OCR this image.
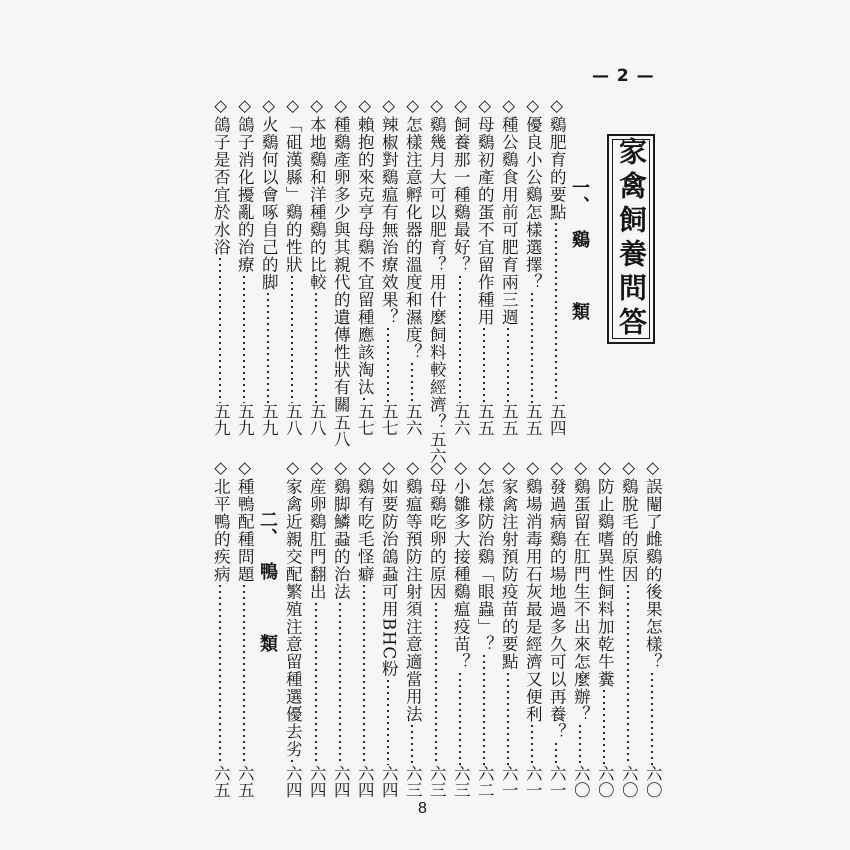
— 2 —
家禽飼養問答
一、
鷄　類
二、
鴨　類
◇鷄肥育的要點
五四
◇優良小公鷄怎樣選擇？
五五
◇種公鷄食用前可肥育兩三週
五五
◇母鷄初產的蛋不宜留作種用
五五
◇飼養那一種鷄最好？
五六
◇鷄幾月大可以肥育？用什麼飼料較經濟？
五六
◇怎樣注意孵化器的溫度和濕度？
五六
◇辣椒對鷄瘟有無治療效果？
五七
◇賴抱的來克亨母鷄不宜留種應該淘汰
五七
◇種鷄產卵多少與其親代的遺傳性狀有關
五八
◇本地鷄和洋種鷄的比較
五八
◇「砠漢縣」鷄的性狀
五八
◇火鷄何以會啄自己的脚
五九
◇鴿子消化擾亂的治療
五九
◇鴿子是否宜於水浴
五九
◇誤閹了雌鷄的後果怎樣？
六〇
◇鷄脫毛的原因
六〇
◇防止鷄嗜異性飼料加乾牛糞
六〇
◇鷄蛋留在肛門生不出來怎麼辦？
六〇
◇發過病鷄的場地過多久可以再養？
六一
◇鷄場消毒用石灰最是經濟又便利
六一
◇家禽注射預防疫苗的要點
六一
◇怎樣防治鷄「眼蟲」？
六二
◇小雛多大接種鷄瘟疫苗？
六三
◇母鷄吃卵的原因
六三
◇鷄瘟等預防注射須注意適當用法
六三
◇如要防治鴿蝨可用BHC粉
六四
◇鷄有吃毛怪癖
六四
◇鷄脚鱗蝨的治法
六四
◇産卵鷄肛門翻出
六四
◇家禽近親交配繁殖注意留種選優去劣
六四
◇種鴨配種問題
六五
◇北平鴨的疾病
六五
8
